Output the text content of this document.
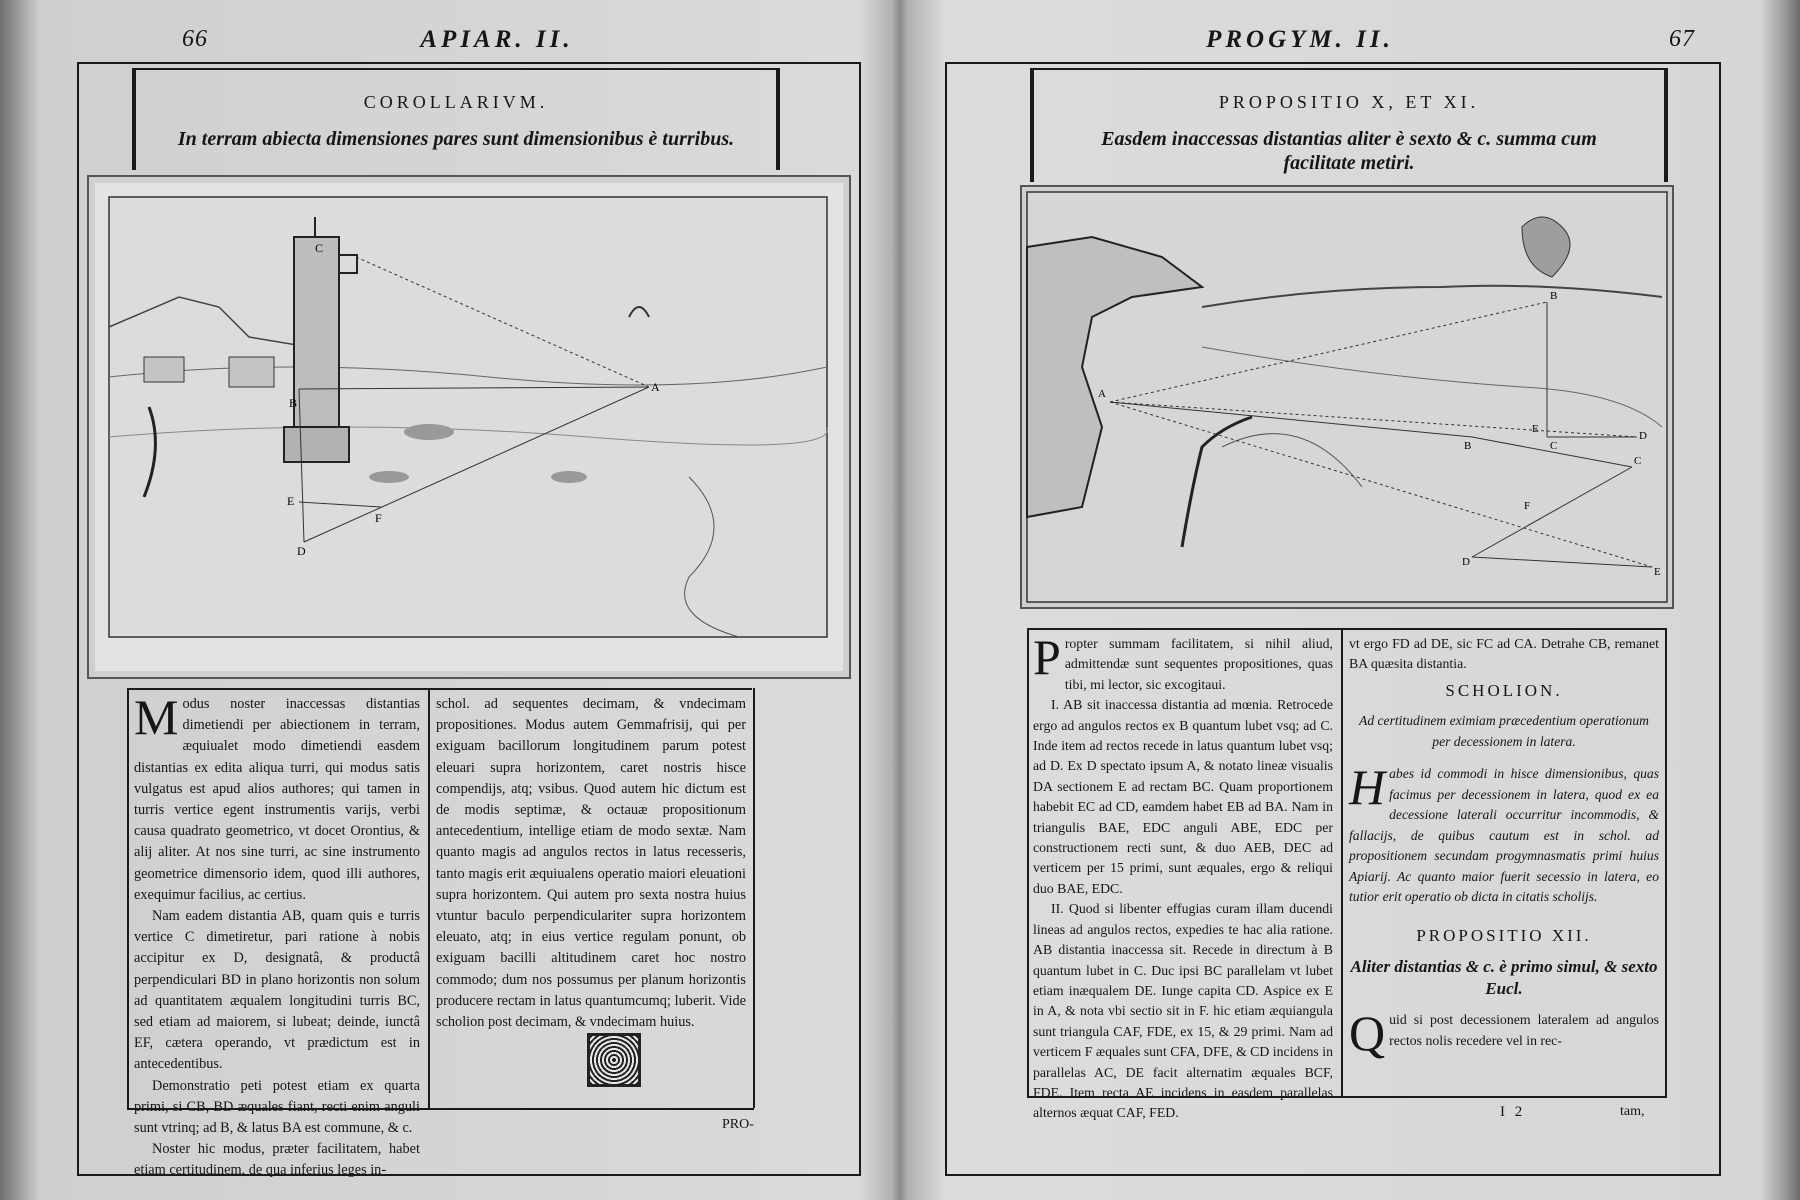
66	APIAR. II.
COROLLARIVM.
In terram abiecta dimensiones pares sunt dimensionibus è turribus.
C
B
A
E
F
D

Modus noster inaccessas distantias dimetiendi per abiectionem in terram, æquiualet modo dimetiendi easdem distantias ex edita aliqua turri, qui modus satis vulgatus est apud alios authores; qui tamen in turris vertice egent instrumentis varijs, verbi causa quadrato geometrico, vt docet Orontius, & alij aliter. At nos sine turri, ac sine instrumento geometrice dimensorio idem, quod illi authores, exequimur facilius, ac certius.

Nam eadem distantia AB, quam quis e turris vertice C dimetiretur, pari ratione à nobis accipitur ex D, designatâ, & productâ perpendiculari BD in plano horizontis non solum ad quantitatem æqualem longitudini turris BC, sed etiam ad maiorem, si lubeat; deinde, iunctâ EF, cætera operando, vt prædictum est in antecedentibus.

Demonstratio peti potest etiam ex quarta primi, si CB, BD æquales fiant, recti enim anguli sunt vtrinq; ad B, & latus BA est commune, & c.

Noster hic modus, præter facilitatem, habet etiam certitudinem, de qua inferius leges in-

schol. ad sequentes decimam, & vndecimam propositiones. Modus autem Gemmafrisij, qui per exiguam bacillorum longitudinem parum potest eleuari supra horizontem, caret nostris hisce compendijs, atq; vsibus. Quod autem hic dictum est de modis septimæ, & octauæ propositionum antecedentium, intellige etiam de modo sextæ. Nam quanto magis ad angulos rectos in latus recesseris, tanto magis erit æquiualens operatio maiori eleuationi supra horizontem. Qui autem pro sexta nostra huius vtuntur baculo perpendiculariter supra horizontem eleuato, atq; in eius vertice regulam ponunt, ob exiguam bacilli altitudinem caret hoc nostro commodo; dum nos possumus per planum horizontis producere rectam in latus quantumcumq; luberit. Vide scholion post decimam, & vndecimam huius.

PRO-
PROGYM. II.	67
PROPOSITIO X, ET XI.
Easdem inaccessas distantias aliter è sexto & c. summa cum facilitate metiri.
B
A
E
C
D
B
C
F
D
E

Propter summam facilitatem, si nihil aliud, admittendæ sunt sequentes propositiones, quas tibi, mi lector, sic excogitaui.

I. AB sit inaccessa distantia ad mœnia. Retrocede ergo ad angulos rectos ex B quantum lubet vsq; ad C. Inde item ad rectos recede in latus quantum lubet vsq; ad D. Ex D spectato ipsum A, & notato lineæ visualis DA sectionem E ad rectam BC. Quam proportionem habebit EC ad CD, eamdem habet EB ad BA. Nam in triangulis BAE, EDC anguli ABE, EDC per constructionem recti sunt, & duo AEB, DEC ad verticem per 15 primi, sunt æquales, ergo & reliqui duo BAE, EDC.

II. Quod si libenter effugias curam illam ducendi lineas ad angulos rectos, expedies te hac alia ratione. AB distantia inaccessa sit. Recede in directum à B quantum lubet in C. Duc ipsi BC parallelam vt lubet etiam inæqualem DE. Iunge capita CD. Aspice ex E in A, & nota vbi sectio sit in F. hic etiam æquiangula sunt triangula CAF, FDE, ex 15, & 29 primi. Nam ad verticem F æquales sunt CFA, DFE, & CD incidens in parallelas AC, DE facit alternatim æquales BCF, FDE. Item recta AE incidens in easdem parallelas alternos æquat CAF, FED.

vt ergo FD ad DE, sic FC ad CA. Detrahe CB, remanet BA quæsita distantia.

SCHOLION.
Ad certitudinem eximiam præcedentium operationum per decessionem in latera.
Habes id commodi in hisce dimensionibus, quas facimus per decessionem in latera, quod ex ea decessione laterali occurritur incommodis, & fallacijs, de quibus cautum est in schol. ad propositionem secundam progymnasmatis primi huius Apiarij. Ac quanto maior fuerit secessio in latera, eo tutior erit operatio ob dicta in citatis scholijs.
PROPOSITIO XII.
Aliter distantias & c. è primo simul, & sexto Eucl.

Quid si post decessionem lateralem ad angulos rectos nolis recedere vel in rec-

I 2	tam,
